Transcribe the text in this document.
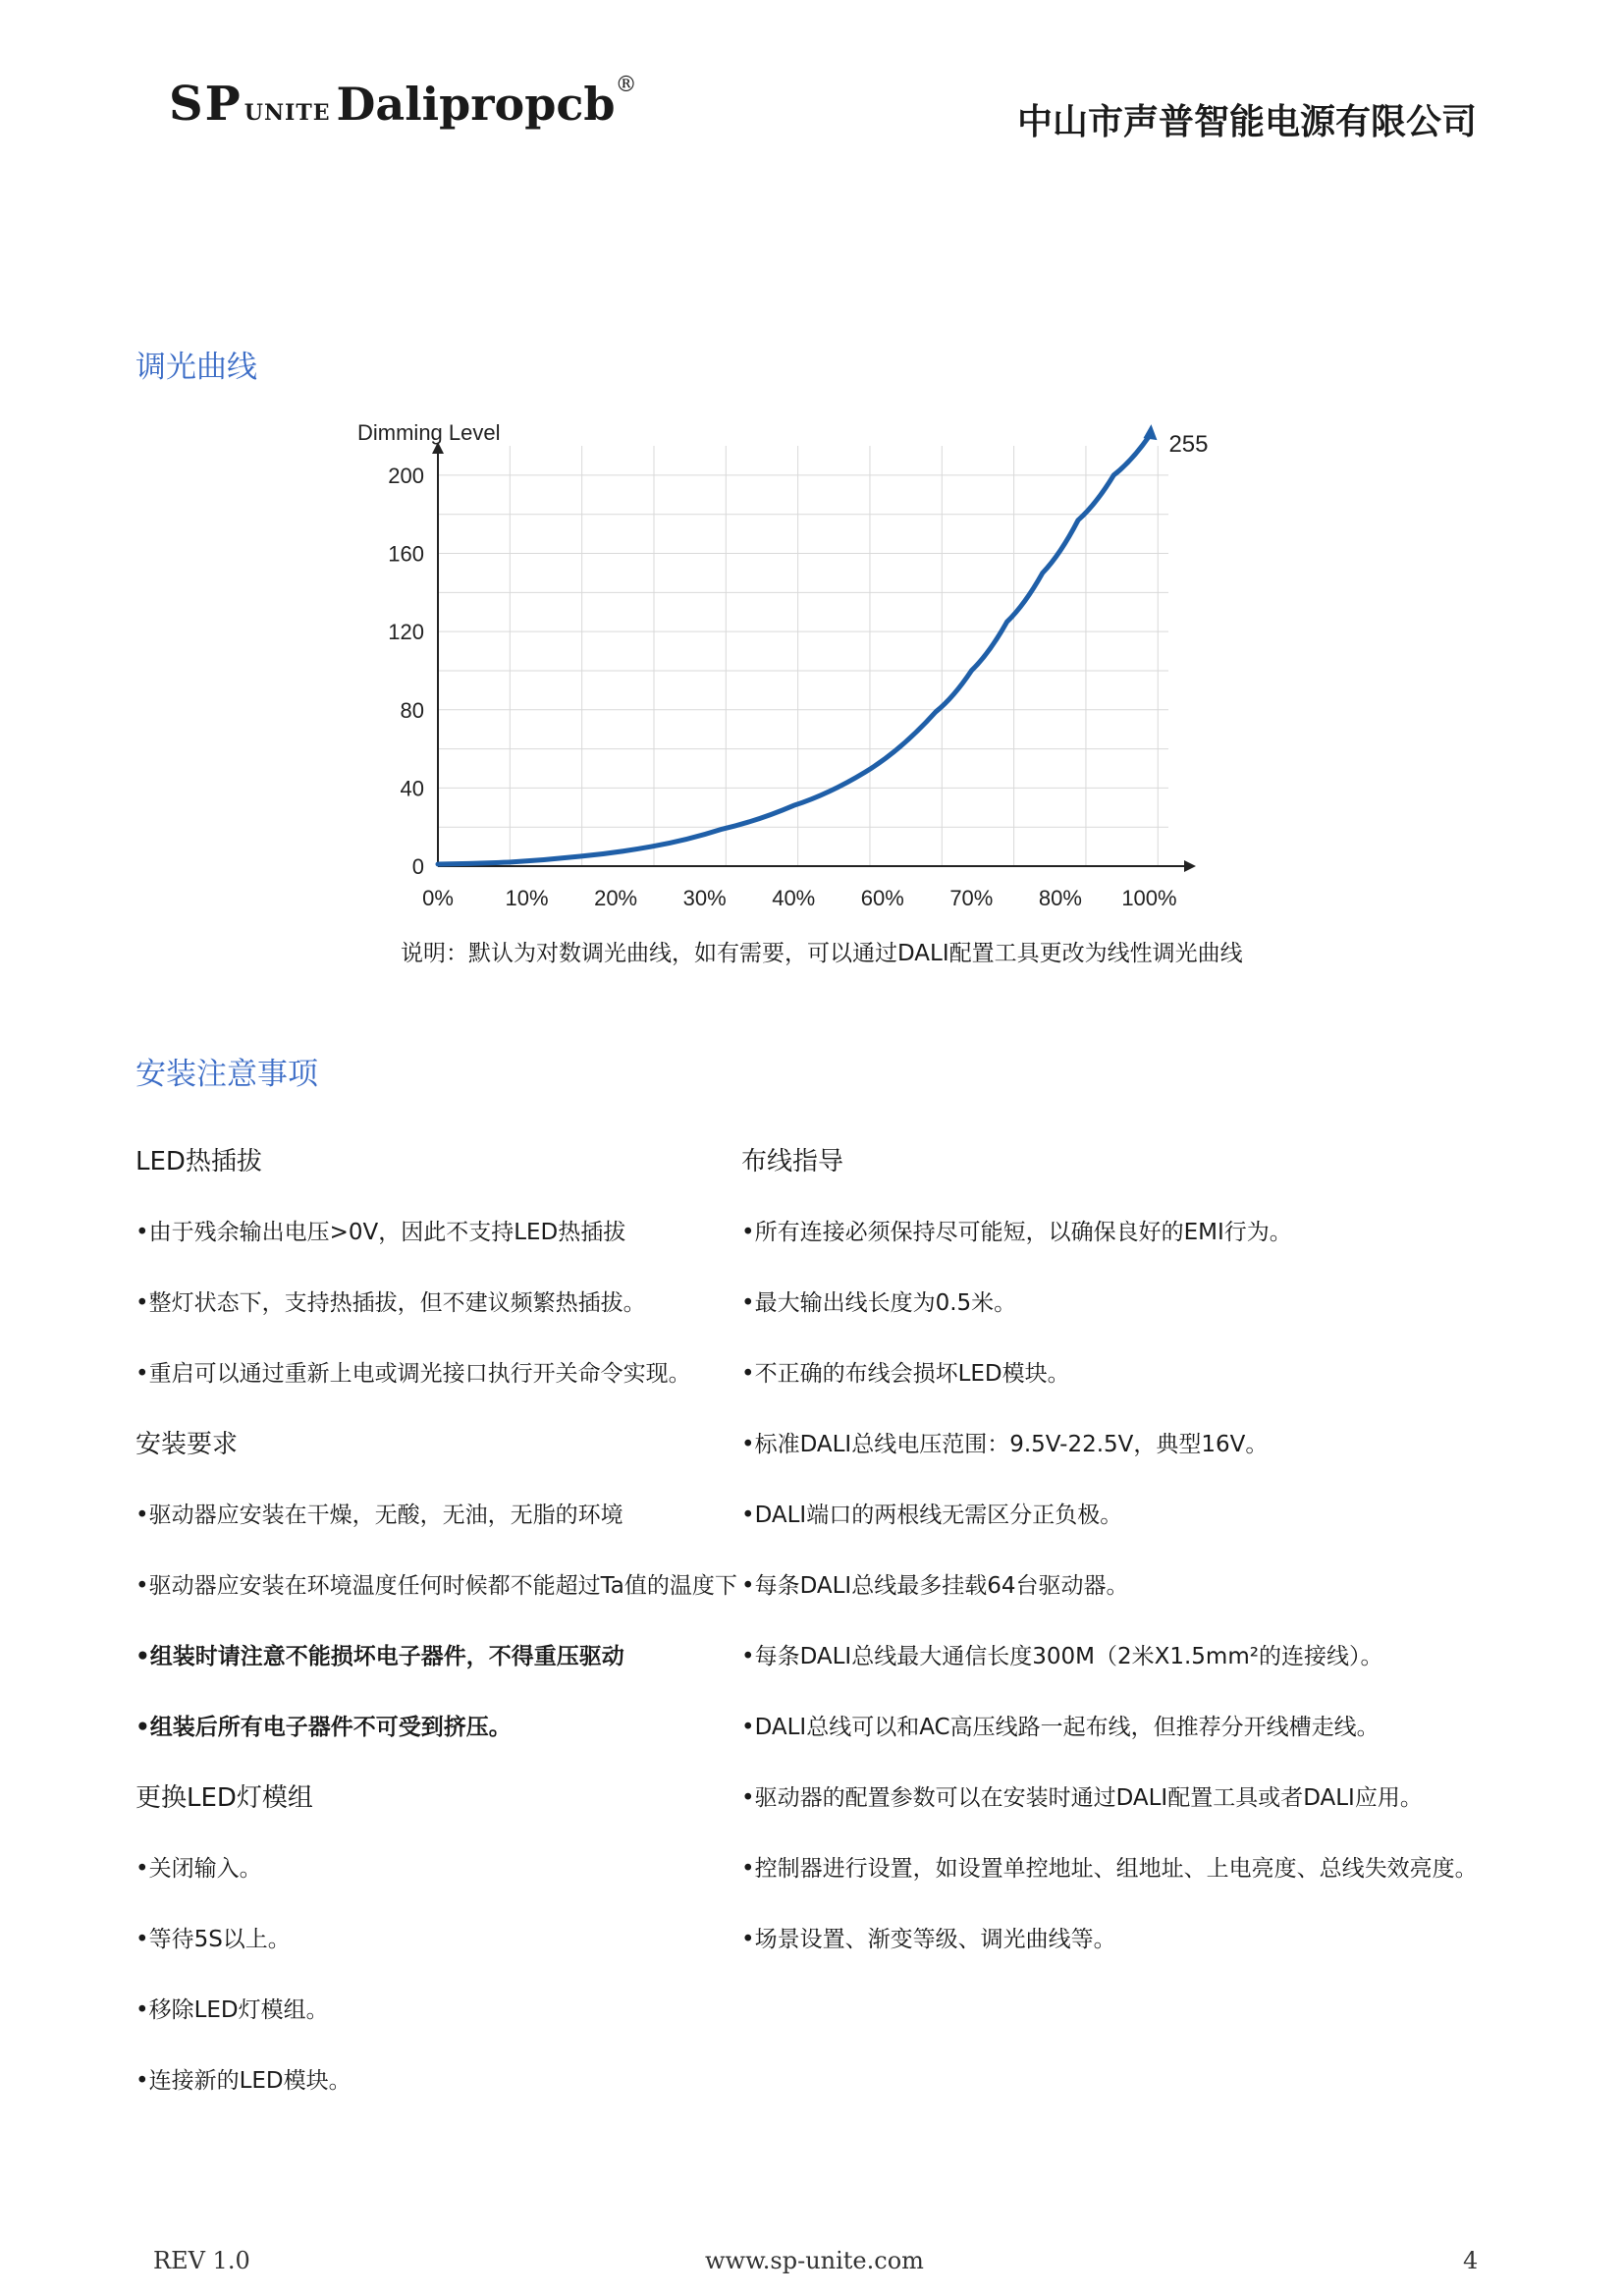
SPUNITE Dalipropcb®
中山市声普智能电源有限公司
调光曲线
Dimming Level
0
40
80
120
160
200
0% 10% 20% 30% 40% 60% 70% 80% 100%
255
说明：默认为对数调光曲线，如有需要，可以通过DALI配置工具更改为线性调光曲线
安装注意事项
LED热插拔
•由于残余输出电压>0V，因此不支持LED热插拔
•整灯状态下，支持热插拔，但不建议频繁热插拔。
•重启可以通过重新上电或调光接口执行开关命令实现。
安装要求
•驱动器应安装在干燥，无酸，无油，无脂的环境
•驱动器应安装在环境温度任何时候都不能超过Ta值的温度下
•组装时请注意不能损坏电子器件，不得重压驱动
•组装后所有电子器件不可受到挤压。
更换LED灯模组
•关闭输入。
•等待5S以上。
•移除LED灯模组。
•连接新的LED模块。
布线指导
•所有连接必须保持尽可能短，以确保良好的EMI行为。
•最大输出线长度为0.5米。
•不正确的布线会损坏LED模块。
•标准DALI总线电压范围：9.5V-22.5V，典型16V。
•DALI端口的两根线无需区分正负极。
•每条DALI总线最多挂载64台驱动器。
•每条DALI总线最大通信长度300M（2米X1.5mm²的连接线）。
•DALI总线可以和AC高压线路一起布线，但推荐分开线槽走线。
•驱动器的配置参数可以在安装时通过DALI配置工具或者DALI应用。
•控制器进行设置，如设置单控地址、组地址、上电亮度、总线失效亮度。
•场景设置、渐变等级、调光曲线等。
REV 1.0	www.sp-unite.com	4
